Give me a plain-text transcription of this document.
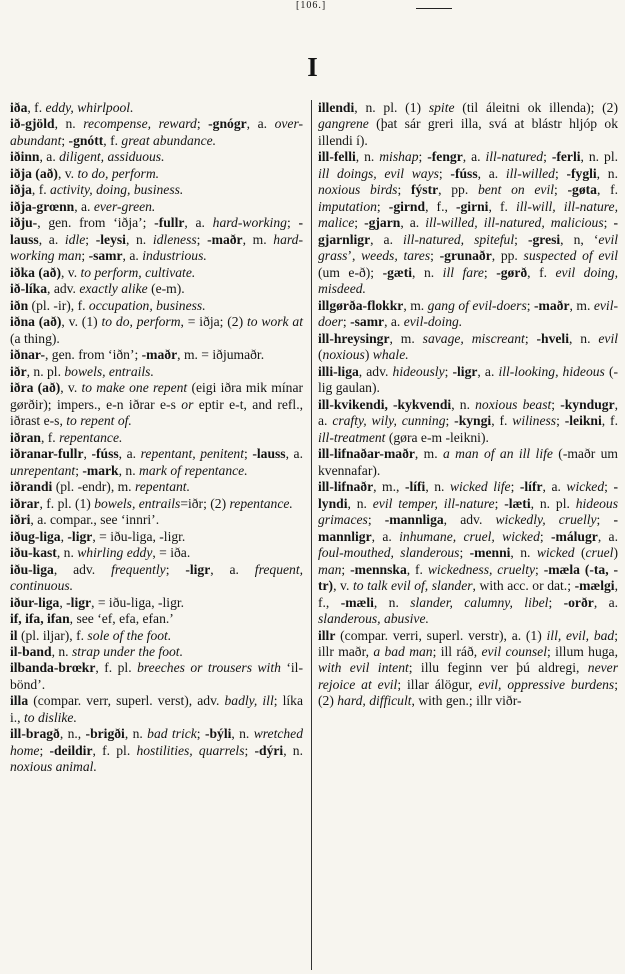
[106.]
I

iða, f. eddy, whirlpool.

ið-gjöld, n. recompense, reward; -gnógr, a. over-abundant; -gnótt, f. great abundance.

iðinn, a. diligent, assiduous.

iðja (að), v. to do, perform.

iðja, f. activity, doing, business.

iðja-grœnn, a. ever-green.

iðju-, gen. from ‘iðja’; -fullr, a. hard-working; -lauss, a. idle; -leysi, n. idleness; -maðr, m. hard-working man; -samr, a. industrious.

iðka (að), v. to perform, cultivate.

ið-líka, adv. exactly alike (e-m).

iðn (pl. -ir), f. occupation, business.

iðna (að), v. (1) to do, perform, = iðja; (2) to work at (a thing).

iðnar-, gen. from ‘iðn’; -maðr, m. = iðjumaðr.

iðr, n. pl. bowels, entrails.

iðra (að), v. to make one repent (eigi iðra mik mínar gørðir); impers., e-n iðrar e-s or eptir e-t, and refl., iðrast e-s, to repent of.

iðran, f. repentance.

iðranar-fullr, -fúss, a. repentant, penitent; -lauss, a. unrepentant; -mark, n. mark of repentance.

iðrandi (pl. -endr), m. repentant.

iðrar, f. pl. (1) bowels, entrails=iðr; (2) repentance.

iðri, a. compar., see ‘innri’.

iðug-liga, -ligr, = iðu-liga, -ligr.

iðu-kast, n. whirling eddy, = iða.

iðu-liga, adv. frequently; -ligr, a. frequent, continuous.

iður-liga, -ligr, = iðu-liga, -ligr.

if, ifa, ifan, see ‘ef, efa, efan.’

il (pl. iljar), f. sole of the foot.

il-band, n. strap under the foot.

ilbanda-brœkr, f. pl. breeches or trousers with ‘il-bönd’.

illa (compar. verr, superl. verst), adv. badly, ill; líka i., to dislike.

ill-bragð, n., -brigði, n. bad trick; -býli, n. wretched home; -deildir, f. pl. hostilities, quarrels; -dýri, n. noxious animal.

illendi, n. pl. (1) spite (til áleitni ok illenda); (2) gangrene (þat sár greri illa, svá at blástr hljóp ok illendi í).

ill-felli, n. mishap; -fengr, a. ill-natured; -ferli, n. pl. ill doings, evil ways; -fúss, a. ill-willed; -fygli, n. noxious birds; fýstr, pp. bent on evil; -gøta, f. imputation; -girnd, f., -girni, f. ill-will, ill-nature, malice; -gjarn, a. ill-willed, ill-natured, malicious; -gjarnligr, a. ill-natured, spiteful; -gresi, n, ‘evil grass’, weeds, tares; -grunaðr, pp. suspected of evil (um e-ð); -gæti, n. ill fare; -gørð, f. evil doing, misdeed.

illgørða-flokkr, m. gang of evil-doers; -maðr, m. evil-doer; -samr, a. evil-doing.

ill-hreysingr, m. savage, miscreant; -hveli, n. evil (noxious) whale.

illi-liga, adv. hideously; -ligr, a. ill-looking, hideous (-lig gaulan).

ill-kvikendi, -kykvendi, n. noxious beast; -kyndugr, a. crafty, wily, cunning; -kyngi, f. wiliness; -leikni, f. ill-treatment (gøra e-m -leikni).

ill-lifnaðar-maðr, m. a man of an ill life (-maðr um kvennafar).

ill-lifnaðr, m., -lífi, n. wicked life; -lífr, a. wicked; -lyndi, n. evil temper, ill-nature; -læti, n. pl. hideous grimaces; -mannliga, adv. wickedly, cruelly; -mannligr, a. inhumane, cruel, wicked; -málugr, a. foul-mouthed, slanderous; -menni, n. wicked (cruel) man; -mennska, f. wickedness, cruelty; -mæla (-ta, -tr), v. to talk evil of, slander, with acc. or dat.; -mælgi, f., -mæli, n. slander, calumny, libel; -orðr, a. slanderous, abusive.

illr (compar. verri, superl. verstr), a. (1) ill, evil, bad; illr maðr, a bad man; ill ráð, evil counsel; illum huga, with evil intent; illu feginn ver þú aldregi, never rejoice at evil; illar álögur, evil, oppressive burdens; (2) hard, difficult, with gen.; illr viðr-
